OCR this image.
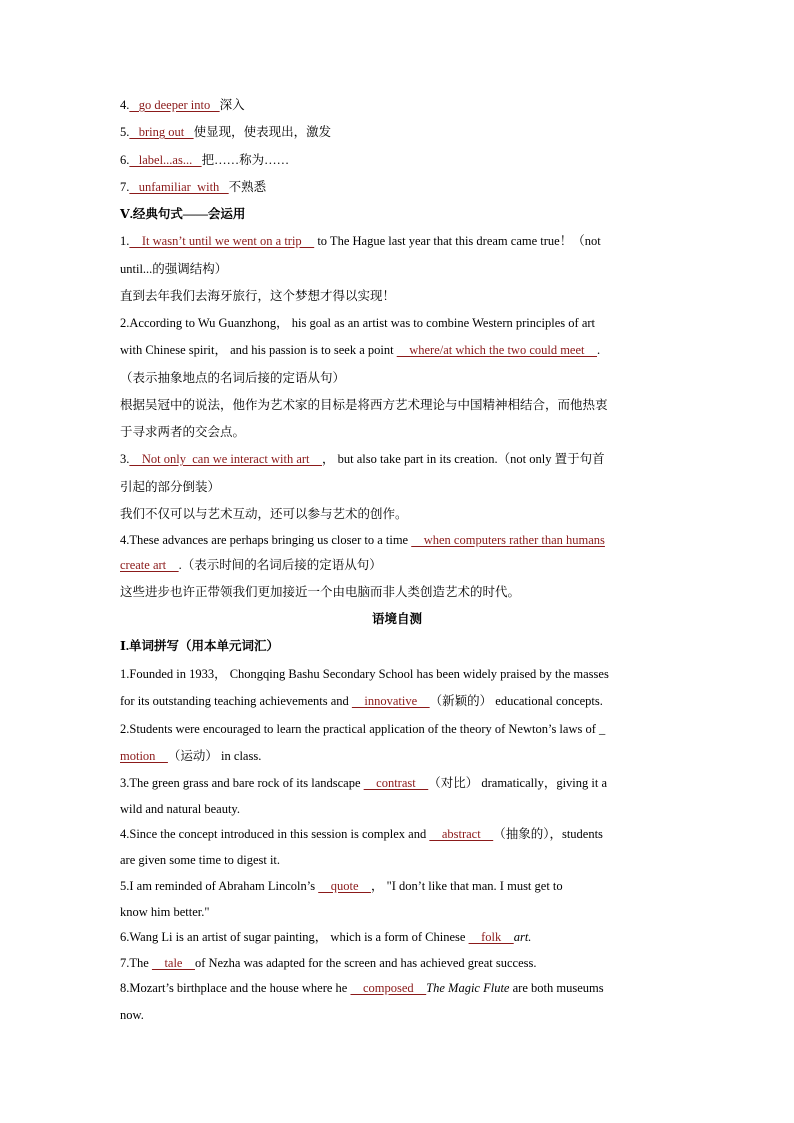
4.   go deeper into   深入
5.   bring out   使显现，使表现出，激发
6.   label...as...   把……称为……
7.   unfamiliar  with   不熟悉
Ⅴ.经典句式——会运用
1.    It wasn’t until we went on a trip     to The Hague last year that this dream came true！（not
until...的强调结构）
直到去年我们去海牙旅行，这个梦想才得以实现！
2.According to Wu Guanzhong， his goal as an artist was to combine Western principles of art
with Chinese spirit， and his passion is to seek a point     where/at which the two could meet    .
（表示抽象地点的名词后接的定语从句）
根据吴冠中的说法，他作为艺术家的目标是将西方艺术理论与中国精神相结合，而他热衷
于寻求两者的交会点。
3.    Not only  can we interact with art    ， but also take part in its creation.（not only 置于句首
引起的部分倒装）
我们不仅可以与艺术互动，还可以参与艺术的创作。
4.These advances are perhaps bringing us closer to a time     when computers rather than humans
create art    .（表示时间的名词后接的定语从句）
这些进步也许正带领我们更加接近一个由电脑而非人类创造艺术的时代。
语境自测
Ⅰ.单词拼写（用本单元词汇）
1.Founded in 1933， Chongqing Bashu Secondary School has been widely praised by the masses
for its outstanding teaching achievements and     innovative    （新颖的） educational concepts.
2.Students were encouraged to learn the practical application of the theory of Newton’s laws of _
motion    （运动） in class.
3.The green grass and bare rock of its landscape     contrast    （对比） dramatically，giving it a
wild and natural beauty.
4.Since the concept introduced in this session is complex and     abstract    （抽象的），students
are given some time to digest it.
5.I am reminded of Abraham Lincoln’s     quote    ， "I don’t like that man. I must get to
know him better."
6.Wang Li is an artist of sugar painting， which is a form of Chinese     folk    art.
7.The     tale    of Nezha was adapted for the screen and has achieved great success.
8.Mozart’s birthplace and the house where he     composed    The Magic Flute are both museums
now.
